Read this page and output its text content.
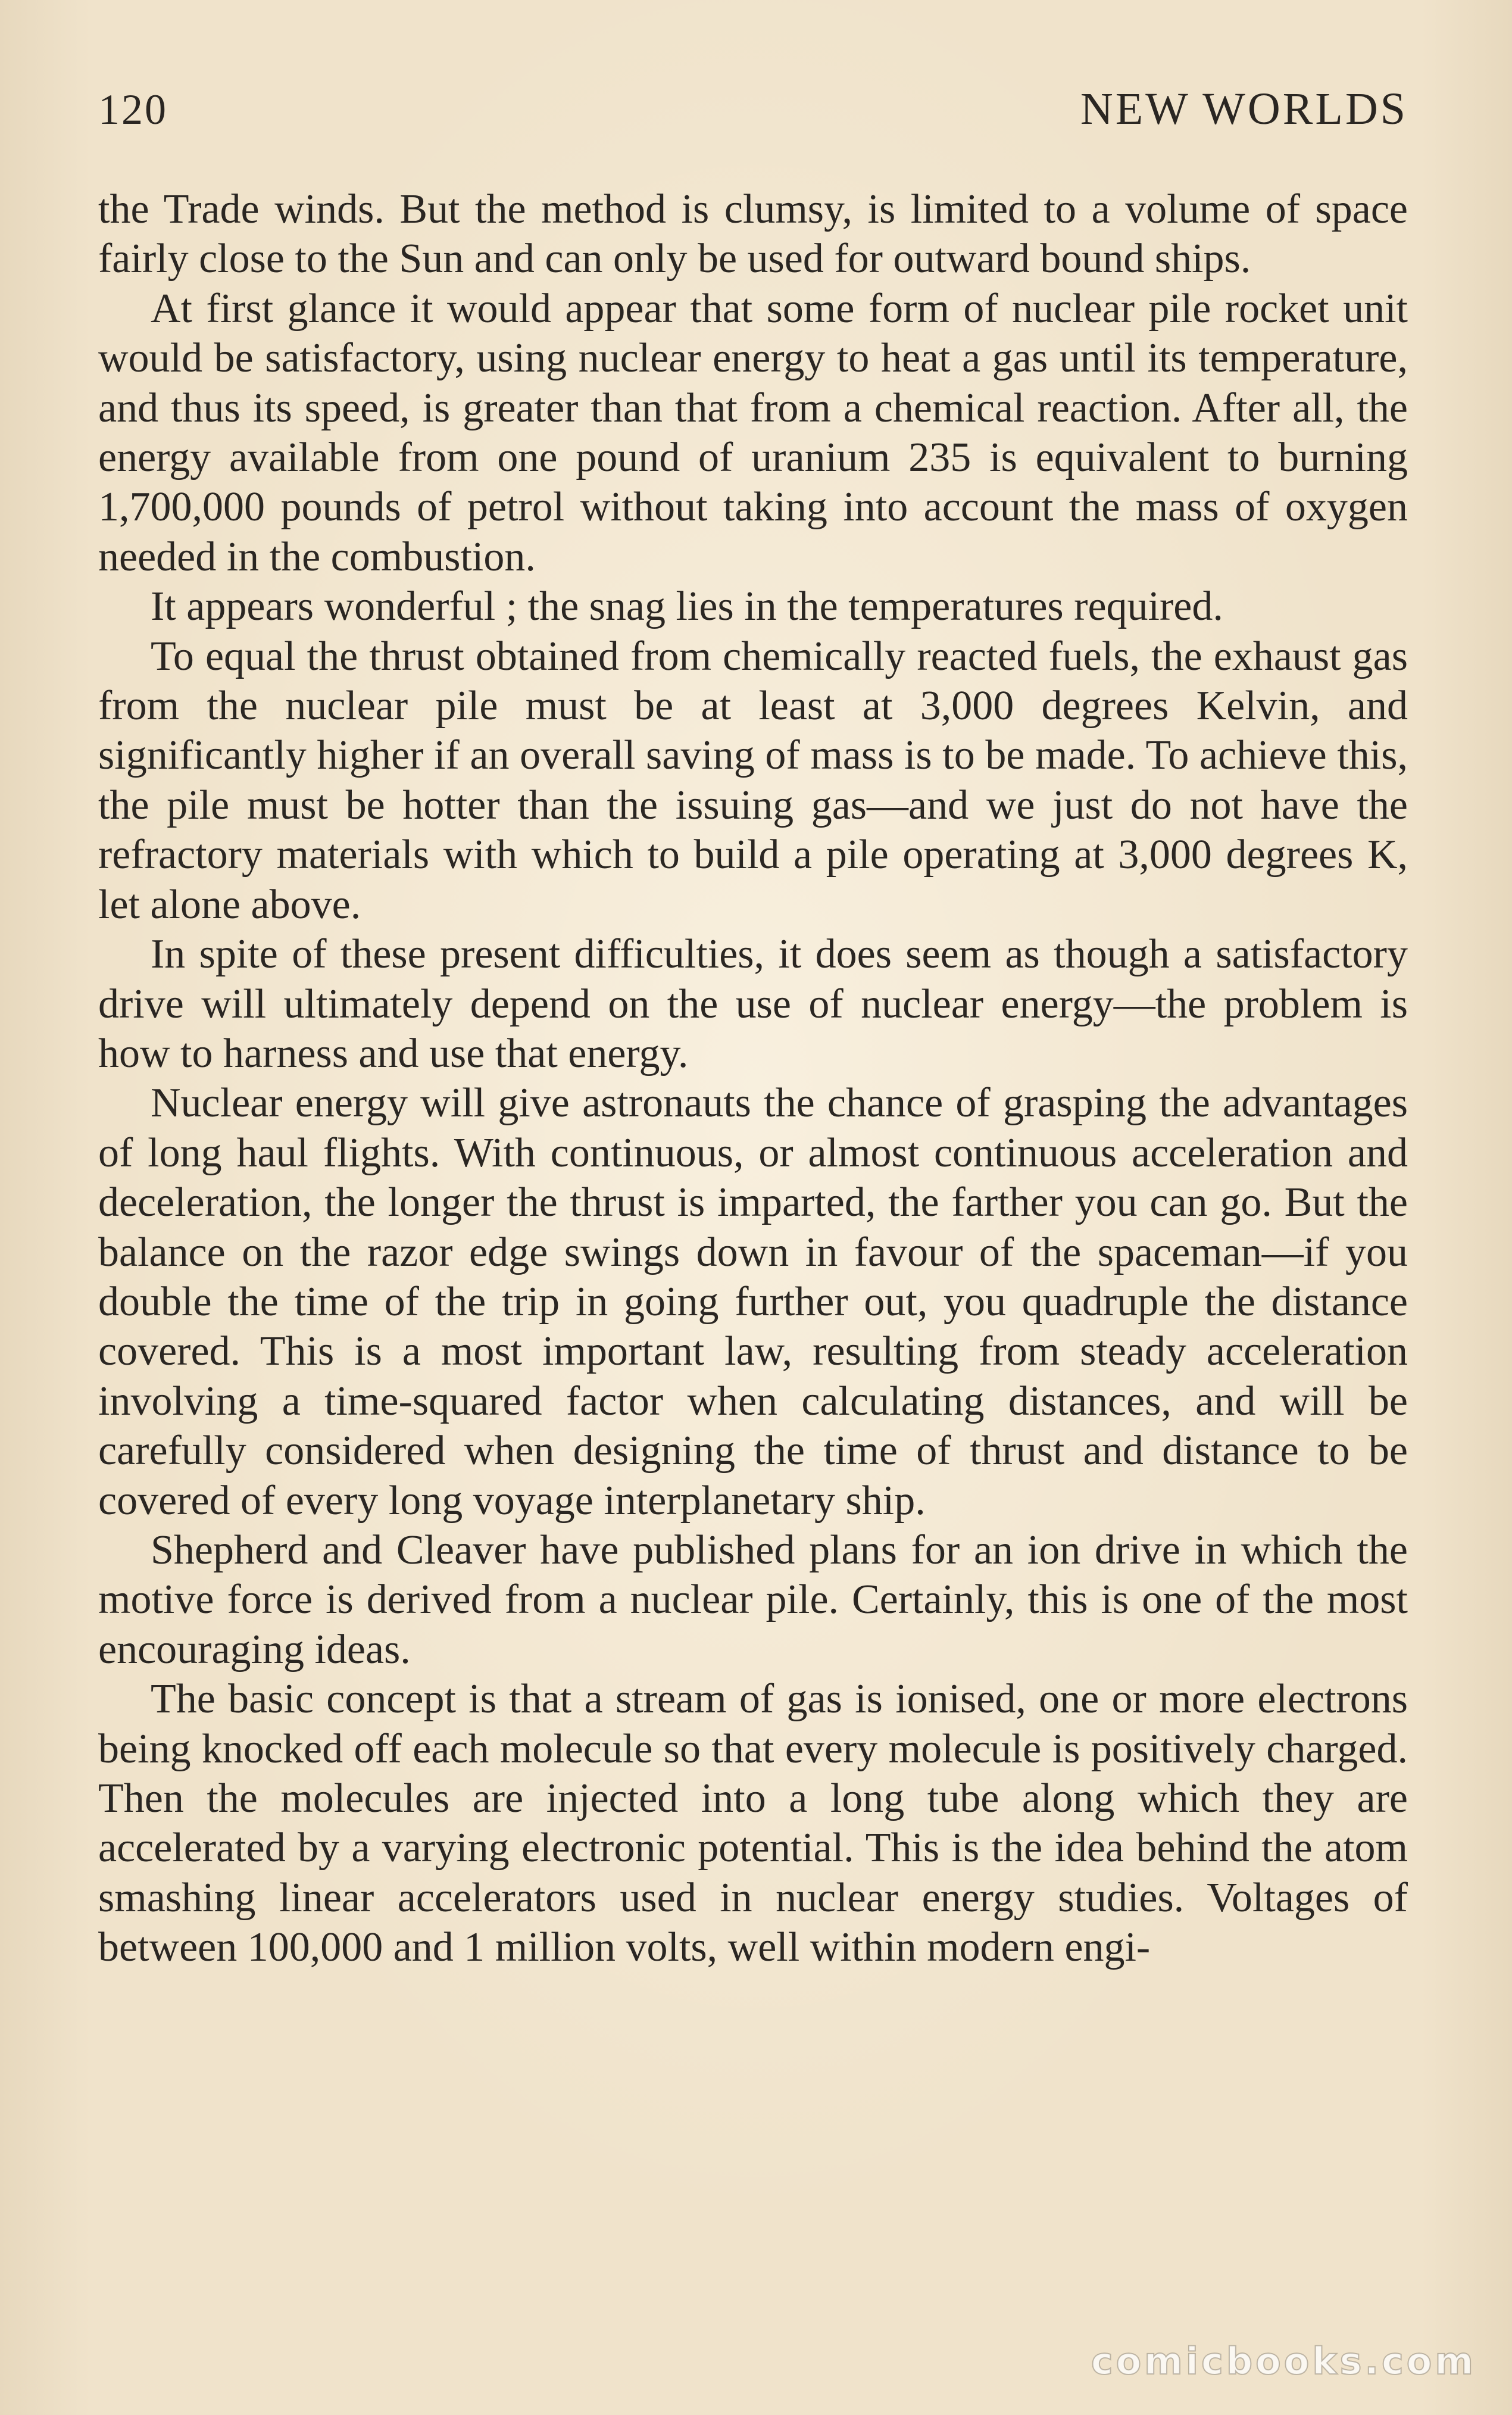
120	NEW WORLDS

the Trade winds. But the method is clumsy, is limited to a volume of space fairly close to the Sun and can only be used for outward bound ships.

At first glance it would appear that some form of nuclear pile rocket unit would be satisfactory, using nuclear energy to heat a gas until its temperature, and thus its speed, is greater than that from a chemical reaction. After all, the energy available from one pound of uranium 235 is equivalent to burning 1,700,000 pounds of petrol without taking into account the mass of oxygen needed in the combustion.

It appears wonderful ; the snag lies in the temperatures required.

To equal the thrust obtained from chemically reacted fuels, the exhaust gas from the nuclear pile must be at least at 3,000 degrees Kelvin, and significantly higher if an overall saving of mass is to be made. To achieve this, the pile must be hotter than the issuing gas—and we just do not have the refractory materials with which to build a pile operating at 3,000 degrees K, let alone above.

In spite of these present difficulties, it does seem as though a satisfactory drive will ultimately depend on the use of nuclear energy—the problem is how to harness and use that energy.

Nuclear energy will give astronauts the chance of grasping the advantages of long haul flights. With continuous, or almost continuous acceleration and deceleration, the longer the thrust is imparted, the farther you can go. But the balance on the razor edge swings down in favour of the spaceman—if you double the time of the trip in going further out, you quadruple the distance covered. This is a most important law, resulting from steady acceleration involving a time-squared factor when calculating distances, and will be carefully considered when designing the time of thrust and distance to be covered of every long voyage interplanetary ship.

Shepherd and Cleaver have published plans for an ion drive in which the motive force is derived from a nuclear pile. Certainly, this is one of the most encouraging ideas.

The basic concept is that a stream of gas is ionised, one or more electrons being knocked off each molecule so that every molecule is positively charged. Then the molecules are injected into a long tube along which they are accelerated by a varying electronic potential. This is the idea behind the atom smashing linear accelerators used in nuclear energy studies. Voltages of between 100,000 and 1 million volts, well within modern engi-

comicbooks.com
